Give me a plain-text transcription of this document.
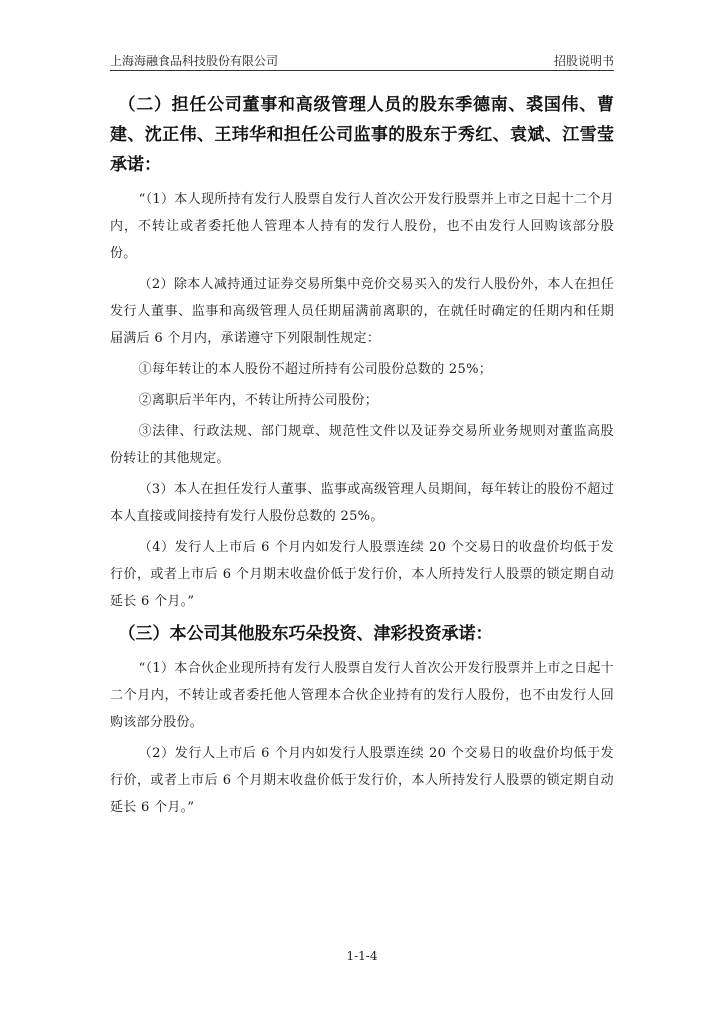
上海海融食品科技股份有限公司	招股说明书

（二）担任公司董事和高级管理人员的股东季德南、裘国伟、曹建、沈正伟、王玮华和担任公司监事的股东于秀红、袁斌、江雪莹承诺：

“（1）本人现所持有发行人股票自发行人首次公开发行股票并上市之日起十二个月内，不转让或者委托他人管理本人持有的发行人股份，也不由发行人回购该部分股份。

（2）除本人减持通过证券交易所集中竞价交易买入的发行人股份外，本人在担任发行人董事、监事和高级管理人员任期届满前离职的，在就任时确定的任期内和任期届满后 6 个月内，承诺遵守下列限制性规定：

①每年转让的本人股份不超过所持有公司股份总数的 25%；

②离职后半年内，不转让所持公司股份；

③法律、行政法规、部门规章、规范性文件以及证券交易所业务规则对董监高股份转让的其他规定。

（3）本人在担任发行人董事、监事或高级管理人员期间，每年转让的股份不超过本人直接或间接持有发行人股份总数的 25%。

（4）发行人上市后 6 个月内如发行人股票连续 20 个交易日的收盘价均低于发行价，或者上市后 6 个月期末收盘价低于发行价，本人所持发行人股票的锁定期自动延长 6 个月。”

（三）本公司其他股东巧朵投资、津彩投资承诺：

“（1）本合伙企业现所持有发行人股票自发行人首次公开发行股票并上市之日起十二个月内，不转让或者委托他人管理本合伙企业持有的发行人股份，也不由发行人回购该部分股份。

（2）发行人上市后 6 个月内如发行人股票连续 20 个交易日的收盘价均低于发行价，或者上市后 6 个月期末收盘价低于发行价，本人所持发行人股票的锁定期自动延长 6 个月。”

1-1-4
